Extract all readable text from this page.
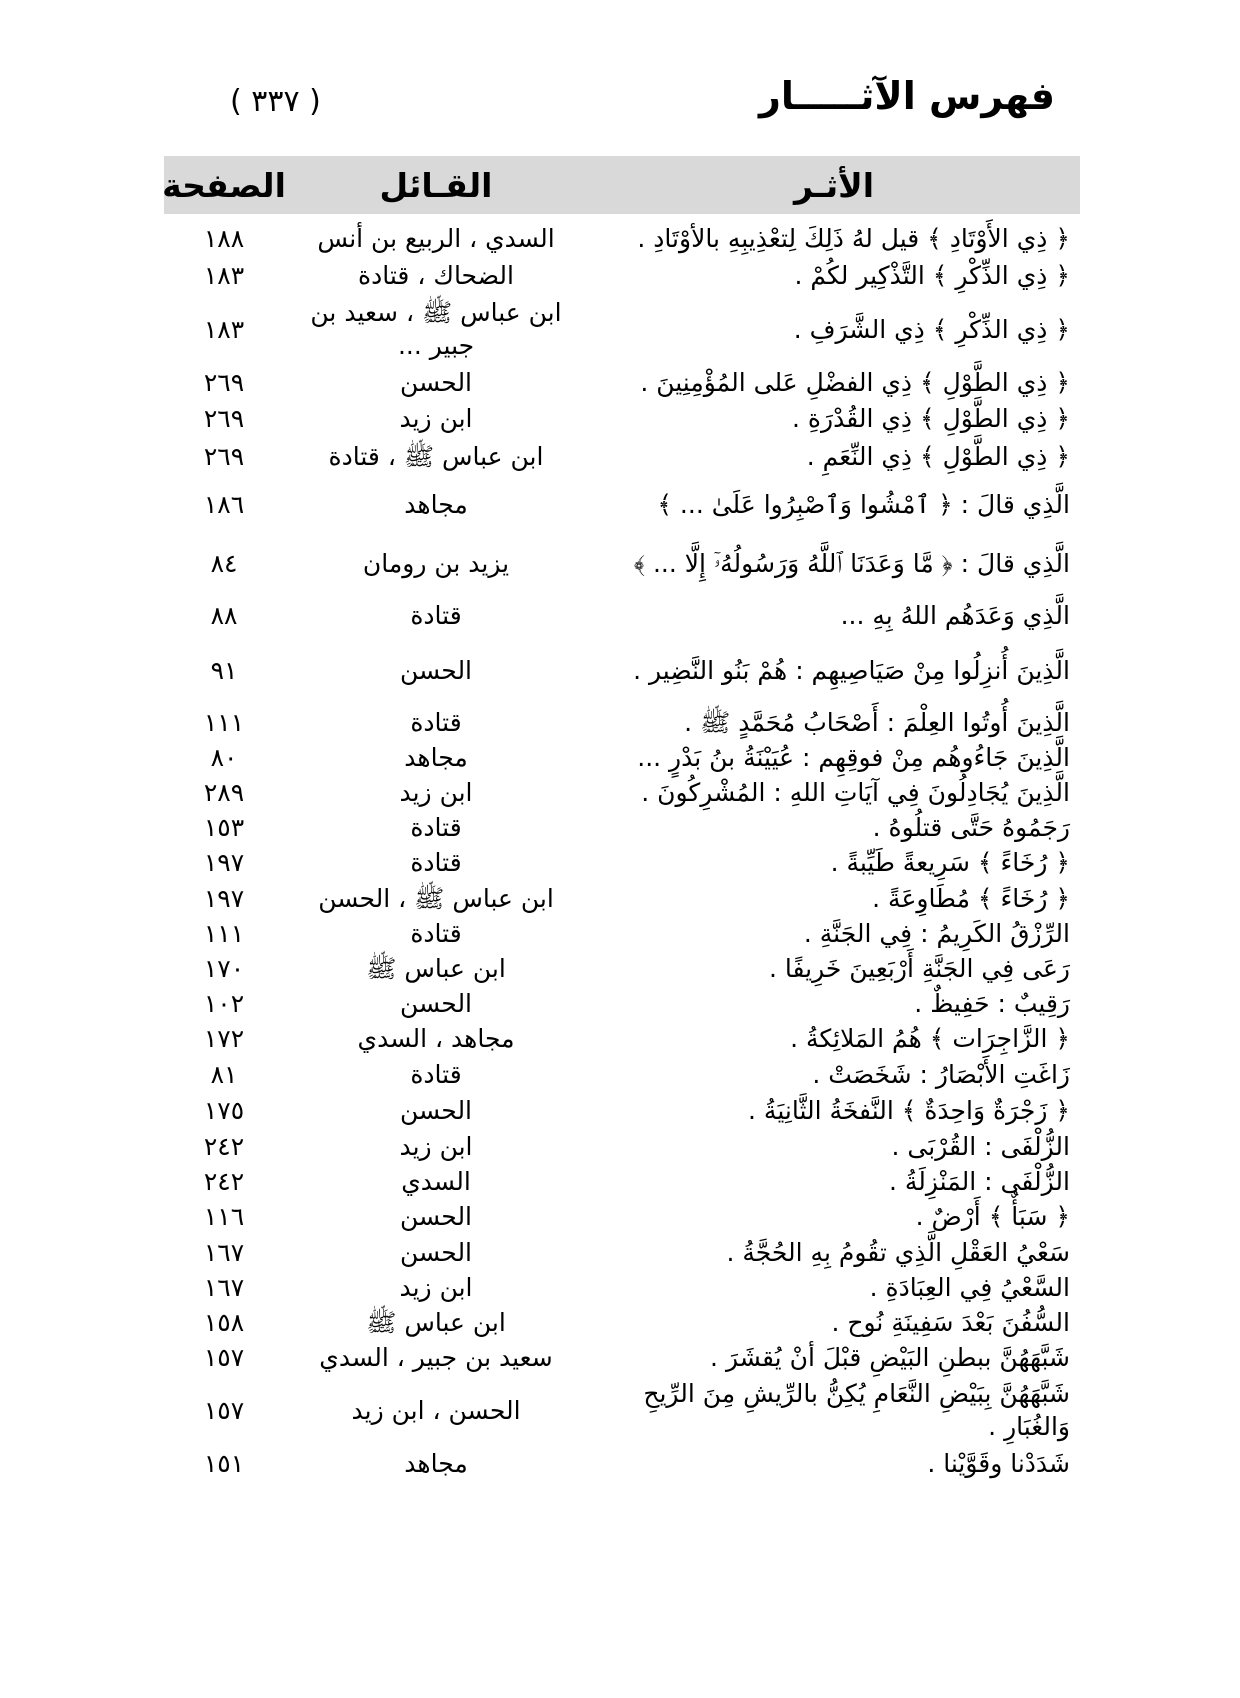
( ٣٣٧ )	فهرس الآثـــــار
الأثـر
القـائل
الصفحة
﴿ ذِي الأَوْتَادِ ﴾ قيل لهُ ذَلِكَ لِتعْذِيبِهِ بالأوْتَادِ .
السدي ، الربيع بن أنس
١٨٨
﴿ ذِي الذِّكْرِ ﴾ التَّذْكِير لكُمْ .
الضحاك ، قتادة
١٨٣
﴿ ذِي الذِّكْرِ ﴾ ذِي الشَّرَفِ .
ابن عباس ﷺ ، سعيد بن جبير ...
١٨٣
﴿ ذِي الطَّوْلِ ﴾ ذِي الفضْلِ عَلى المُؤْمِنِينَ .
الحسن
٢٦٩
﴿ ذِي الطَّوْلِ ﴾ ذِي القُدْرَةِ .
ابن زيد
٢٦٩
﴿ ذِي الطَّوْلِ ﴾ ذِي النِّعَمِ .
ابن عباس ﷺ ، قتادة
٢٦٩
الَّذِي قالَ : ﴿ ٱمْشُوا وَٱصْبِرُوا عَلَىٰ ... ﴾
مجاهد
١٨٦
الَّذِي قالَ : ﴿ مَّا وَعَدَنَا ٱللَّهُ وَرَسُولُهُۥٓ إِلَّا ... ﴾
يزيد بن رومان
٨٤
الَّذِي وَعَدَهُم اللهُ بِهِ ...
قتادة
٨٨
الَّذِينَ أُنزِلُوا مِنْ صَيَاصِيهِم : هُمْ بَنُو النَّضِير .
الحسن
٩١
الَّذِينَ أُوتُوا العِلْمَ : أَصْحَابُ مُحَمَّدٍ ﷺ .
قتادة
١١١
الَّذِينَ جَاءُوهُم مِنْ فوقِهِم : عُيَيْنَةُ بنُ بَدْرٍ ...
مجاهد
٨٠
الَّذِينَ يُجَادِلُونَ فِي آيَاتِ اللهِ : المُشْرِكُونَ .
ابن زيد
٢٨٩
رَجَمُوهُ حَتَّى قتلُوهُ .
قتادة
١٥٣
﴿ رُخَاءً ﴾ سَرِيعةً طَيِّبةً .
قتادة
١٩٧
﴿ رُخَاءً ﴾ مُطَاوِعَةً .
ابن عباس ﷺ ، الحسن
١٩٧
الرِّزْقُ الكَرِيمُ : فِي الجَنَّةِ .
قتادة
١١١
رَعَى فِي الجَنَّةِ أَرْبَعِينَ خَرِيفًا .
ابن عباس ﷺ
١٧٠
رَقِيبٌ : حَفِيظٌ .
الحسن
١٠٢
﴿ الزَّاجِرَات ﴾ هُمُ المَلائِكةُ .
مجاهد ، السدي
١٧٢
زَاغَتِ الأَبْصَارُ : شَخَصَتْ .
قتادة
٨١
﴿ زَجْرَةٌ وَاحِدَةٌ ﴾ النَّفخَةُ الثَّانِيَةُ .
الحسن
١٧٥
الزُّلْفَى : القُرْبَى .
ابن زيد
٢٤٢
الزُّلْفَى : المَنْزِلَةُ .
السدي
٢٤٢
﴿ سَبَأٌ ﴾ أَرْضٌ .
الحسن
١١٦
سَعْيُ العَقْلِ الَّذِي تقُومُ بِهِ الحُجَّةُ .
الحسن
١٦٧
السَّعْيُ فِي العِبَادَةِ .
ابن زيد
١٦٧
السُّفُنَ بَعْدَ سَفِينَةِ نُوح .
ابن عباس ﷺ
١٥٨
شَبَّهَهُنَّ ببطنِ البَيْضِ قبْلَ أنْ يُقشَرَ .
سعيد بن جبير ، السدي
١٥٧
شَبَّهَهُنَّ بِبَيْضِ النَّعَامِ يُكِنُّ بالرِّيشِ مِنَ الرِّيحِ وَالغُبَارِ .
الحسن ، ابن زيد
١٥٧
شَدَدْنا وقَوَّيْنا .
مجاهد
١٥١
